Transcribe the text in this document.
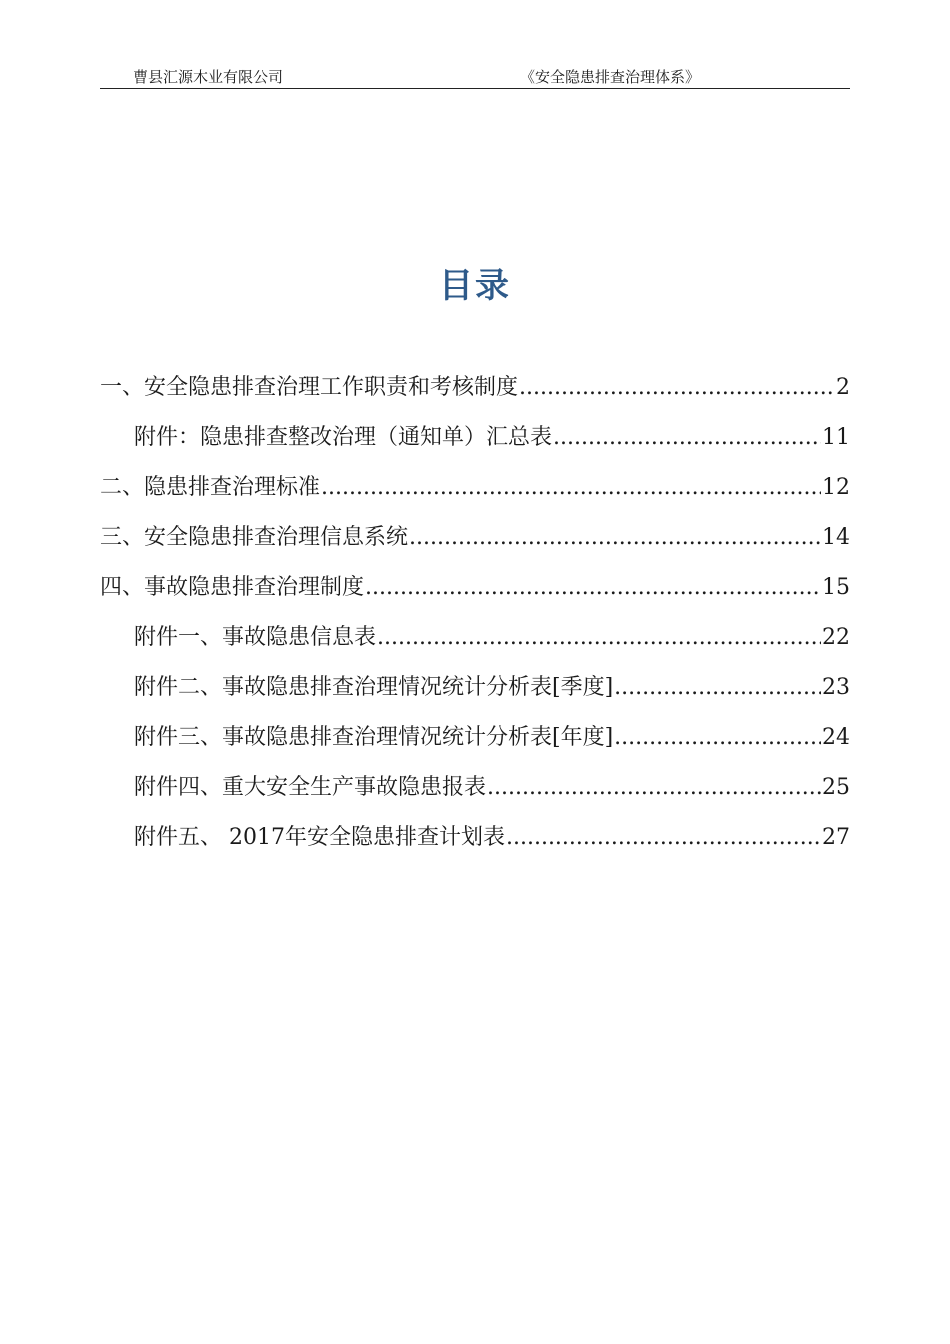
曹县汇源木业有限公司	《安全隐患排查治理体系》
目录
一、安全隐患排查治理工作职责和考核制度 .....	2
附件：隐患排查整改治理（通知单）汇总表 .....	11
二、隐患排查治理标准 .....	12
三、安全隐患排查治理信息系统 .....	14
四、事故隐患排查治理制度 .....	15
附件一、事故隐患信息表 .....	22
附件二、事故隐患排查治理情况统计分析表[季度] .....	23
附件三、事故隐患排查治理情况统计分析表[年度] .....	24
附件四、重大安全生产事故隐患报表 .....	25
附件五、 2017年安全隐患排查计划表 .....	27
